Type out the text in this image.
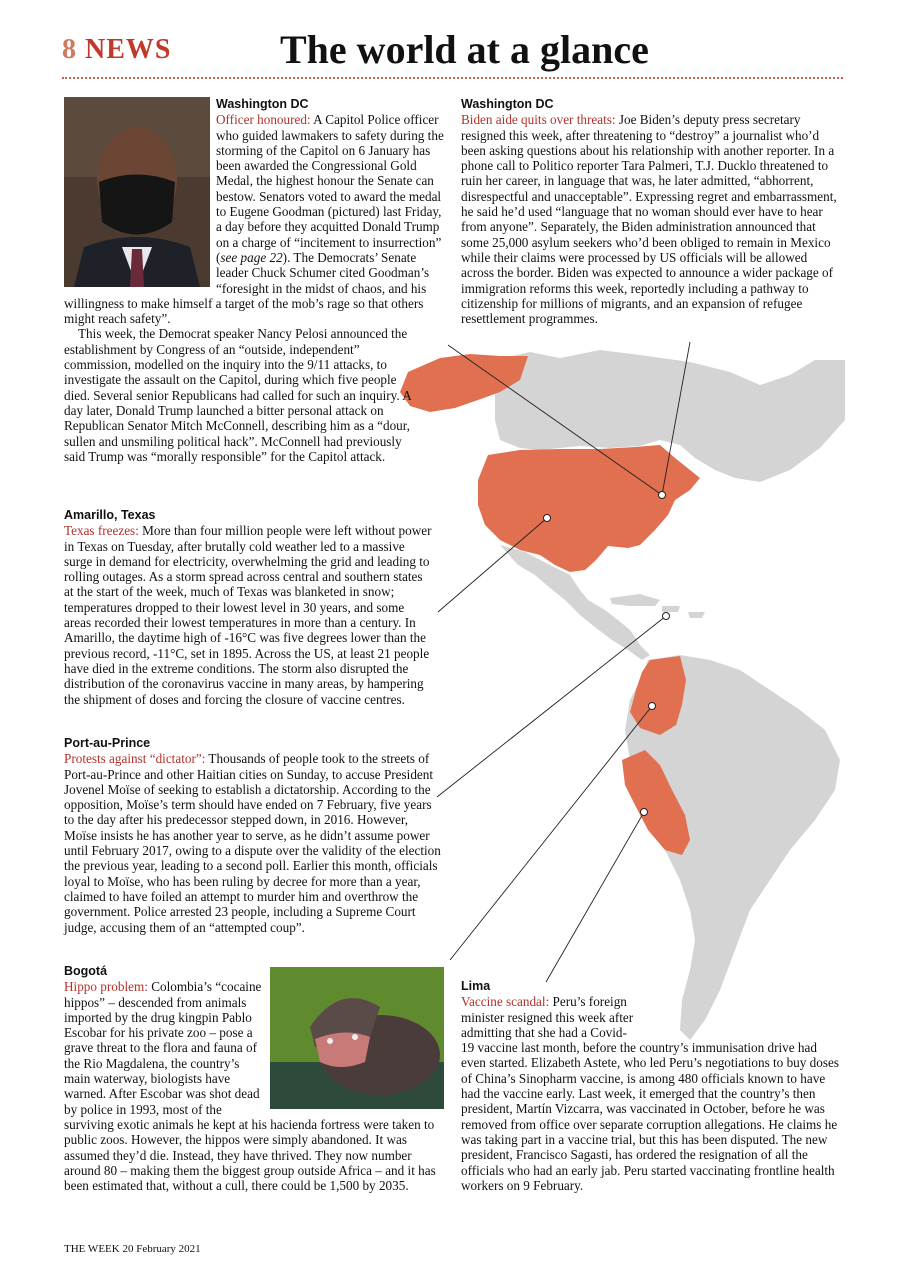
8 NEWS	The world at a glance
Washington DC

Officer honoured: A Capitol Police officer who guided lawmakers to safety during the storming of the Capitol on 6 January has been awarded the Congressional Gold Medal, the highest honour the Senate can bestow. Senators voted to award the medal to Eugene Goodman (pictured) last Friday, a day before they acquitted Donald Trump on a charge of “incitement to insurrection” (see page 22). The Democrats’ Senate leader Chuck Schumer cited Goodman’s “foresight in the midst of chaos, and his willingness to make himself a target of the mob’s rage so that others might reach safety”.

This week, the Democrat speaker Nancy Pelosi announced the establishment by Congress of an “outside, independent” commission, modelled on the inquiry into the 9/11 attacks, to investigate the assault on the Capitol, during which five people died. Several senior Republicans had called for such an inquiry. A day later, Donald Trump launched a bitter personal attack on Republican Senator Mitch McConnell, describing him as a “dour, sullen and unsmiling political hack”. McConnell had previously said Trump was “morally responsible” for the Capitol attack.

Washington DC

Biden aide quits over threats: Joe Biden’s deputy press secretary resigned this week, after threatening to “destroy” a journalist who’d been asking questions about his relationship with another reporter. In a phone call to Politico reporter Tara Palmeri, T.J. Ducklo threatened to ruin her career, in language that was, he later admitted, “abhorrent, disrespectful and unacceptable”. Expressing regret and embarrassment, he said he’d used “language that no woman should ever have to hear from anyone”. Separately, the Biden administration announced that some 25,000 asylum seekers who’d been obliged to remain in Mexico while their claims were processed by US officials will be allowed across the border. Biden was expected to announce a wider package of immigration reforms this week, reportedly including a pathway to citizenship for millions of migrants, and an expansion of refugee resettlement programmes.

Amarillo, Texas

Texas freezes: More than four million people were left without power in Texas on Tuesday, after brutally cold weather led to a massive surge in demand for electricity, overwhelming the grid and leading to rolling outages. As a storm spread across central and southern states at the start of the week, much of Texas was blanketed in snow; temperatures dropped to their lowest level in 30 years, and some areas recorded their lowest temperatures in more than a century. In Amarillo, the daytime high of -16°C was five degrees lower than the previous record, -11°C, set in 1895. Across the US, at least 21 people have died in the extreme conditions. The storm also disrupted the distribution of the coronavirus vaccine in many areas, by hampering the shipment of doses and forcing the closure of vaccine centres.

Port-au-Prince

Protests against “dictator”: Thousands of people took to the streets of Port-au-Prince and other Haitian cities on Sunday, to accuse President Jovenel Moïse of seeking to establish a dictatorship. According to the opposition, Moïse’s term should have ended on 7 February, five years to the day after his predecessor stepped down, in 2016. However, Moïse insists he has another year to serve, as he didn’t assume power until February 2017, owing to a dispute over the validity of the election the previous year, leading to a second poll. Earlier this month, officials loyal to Moïse, who has been ruling by decree for more than a year, claimed to have foiled an attempt to murder him and overthrow the government. Police arrested 23 people, including a Supreme Court judge, accusing them of an “attempted coup”.

Bogotá

Hippo problem: Colombia’s “cocaine hippos” – descended from animals imported by the drug kingpin Pablo Escobar for his private zoo – pose a grave threat to the flora and fauna of the Rio Magdalena, the country’s main waterway, biologists have warned. After Escobar was shot dead by police in 1993, most of the surviving exotic animals he kept at his hacienda fortress were taken to public zoos. However, the hippos were simply abandoned. It was assumed they’d die. Instead, they have thrived. They now number around 80 – making them the biggest group outside Africa – and it has been estimated that, without a cull, there could be 1,500 by 2035.

Lima

Vaccine scandal: Peru’s foreign minister resigned this week after admitting that she had a Covid-19 vaccine last month, before the country’s immunisation drive had even started. Elizabeth Astete, who led Peru’s negotiations to buy doses of China’s Sinopharm vaccine, is among 480 officials known to have had the vaccine early. Last week, it emerged that the country’s then president, Martín Vizcarra, was vaccinated in October, before he was removed from office over separate corruption allegations. He claims he was taking part in a vaccine trial, but this has been disputed. The new president, Francisco Sagasti, has ordered the resignation of all the officials who had an early jab. Peru started vaccinating frontline health workers on 9 February.

THE WEEK 20 February 2021
